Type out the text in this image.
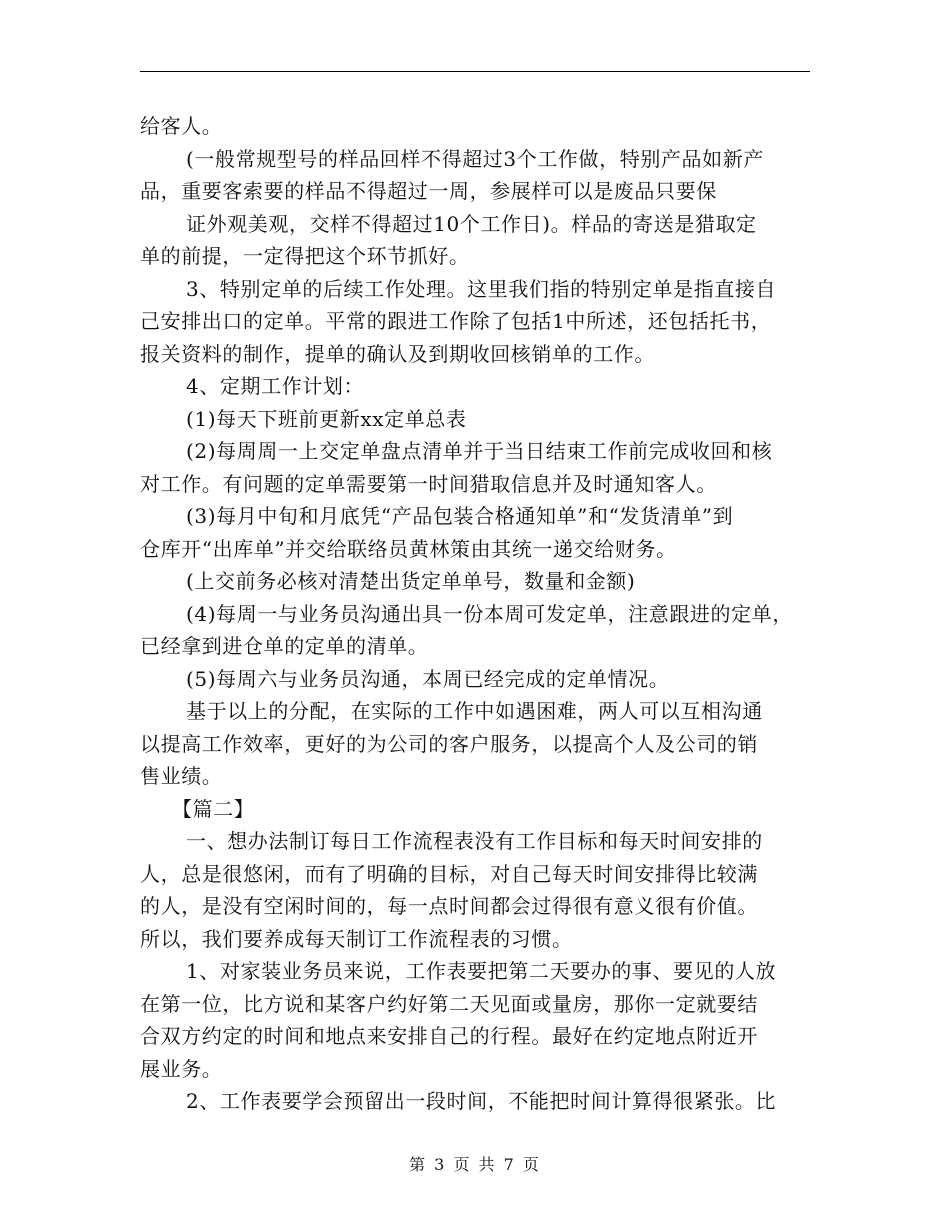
给客人。
(一般常规型号的样品回样不得超过3个工作做，特别产品如新产
品，重要客索要的样品不得超过一周，参展样可以是废品只要保
证外观美观，交样不得超过10个工作日)。样品的寄送是猎取定
单的前提，一定得把这个环节抓好。
3、特别定单的后续工作处理。这里我们指的特别定单是指直接自
己安排出口的定单。平常的跟进工作除了包括1中所述，还包括托书，
报关资料的制作，提单的确认及到期收回核销单的工作。
4、定期工作计划：
(1)每天下班前更新xx定单总表
(2)每周周一上交定单盘点清单并于当日结束工作前完成收回和核
对工作。有问题的定单需要第一时间猎取信息并及时通知客人。
(3)每月中旬和月底凭“产品包装合格通知单”和“发货清单”到
仓库开“出库单”并交给联络员黄林策由其统一递交给财务。
(上交前务必核对清楚出货定单单号，数量和金额)
(4)每周一与业务员沟通出具一份本周可发定单，注意跟进的定单，
已经拿到进仓单的定单的清单。
(5)每周六与业务员沟通，本周已经完成的定单情况。
基于以上的分配，在实际的工作中如遇困难，两人可以互相沟通
以提高工作效率，更好的为公司的客户服务，以提高个人及公司的销
售业绩。
【篇二】
一、想办法制订每日工作流程表没有工作目标和每天时间安排的
人，总是很悠闲，而有了明确的目标，对自己每天时间安排得比较满
的人，是没有空闲时间的，每一点时间都会过得很有意义很有价值。
所以，我们要养成每天制订工作流程表的习惯。
1、对家装业务员来说，工作表要把第二天要办的事、要见的人放
在第一位，比方说和某客户约好第二天见面或量房，那你一定就要结
合双方约定的时间和地点来安排自己的行程。最好在约定地点附近开
展业务。
2、工作表要学会预留出一段时间，不能把时间计算得很紧张。比
第 3 页 共 7 页
